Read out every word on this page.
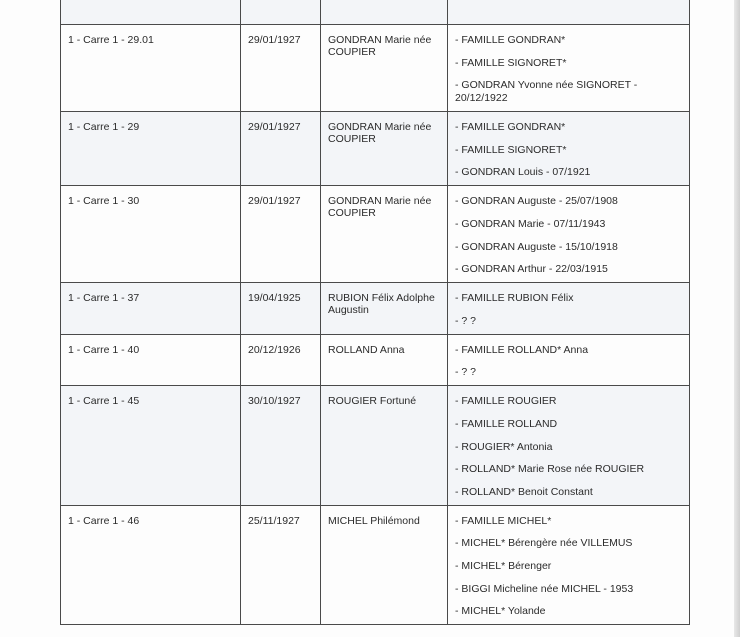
1 - Carre 1 - 29.01	29/01/1927	GONDRAN Marie née COUPIER	- FAMILLE GONDRAN*
- FAMILLE SIGNORET*
- GONDRAN Yvonne née SIGNORET - 20/12/1922

1 - Carre 1 - 29	29/01/1927	GONDRAN Marie née COUPIER	- FAMILLE GONDRAN*
- FAMILLE SIGNORET*
- GONDRAN Louis - 07/1921

1 - Carre 1 - 30	29/01/1927	GONDRAN Marie née COUPIER	- GONDRAN Auguste - 25/07/1908
- GONDRAN Marie - 07/11/1943
- GONDRAN Auguste - 15/10/1918
- GONDRAN Arthur - 22/03/1915

1 - Carre 1 - 37	19/04/1925	RUBION Félix Adolphe Augustin	- FAMILLE RUBION Félix
- ? ?

1 - Carre 1 - 40	20/12/1926	ROLLAND Anna	- FAMILLE ROLLAND* Anna
- ? ?

1 - Carre 1 - 45	30/10/1927	ROUGIER Fortuné	- FAMILLE ROUGIER
- FAMILLE ROLLAND
- ROUGIER* Antonia
- ROLLAND* Marie Rose née ROUGIER
- ROLLAND* Benoit Constant

1 - Carre 1 - 46	25/11/1927	MICHEL Philémond	- FAMILLE MICHEL*
- MICHEL* Bérengère née VILLEMUS
- MICHEL* Bérenger
- BIGGI Micheline née MICHEL - 1953
- MICHEL* Yolande
